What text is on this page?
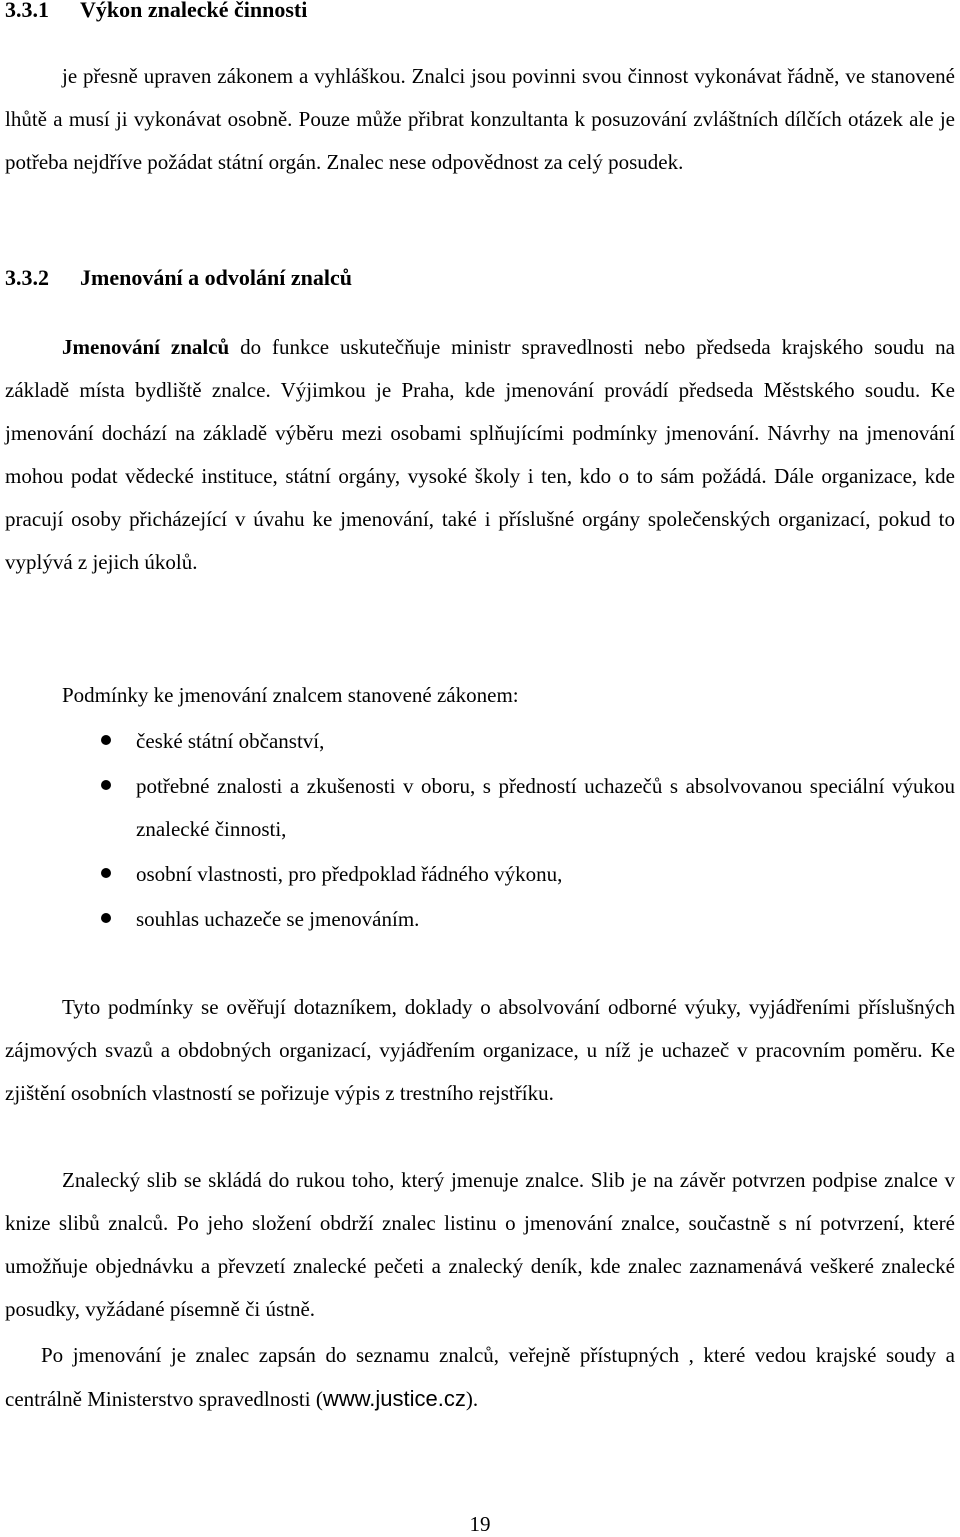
3.3.1 Výkon znalecké činnosti

je přesně upraven zákonem a vyhláškou. Znalci jsou povinni svou činnost vykonávat řádně, ve stanovené lhůtě a musí ji vykonávat osobně. Pouze může přibrat konzultanta k posuzování zvláštních dílčích otázek ale je potřeba nejdříve požádat státní orgán. Znalec nese odpovědnost za celý posudek.

3.3.2 Jmenování a odvolání znalců

Jmenování znalců do funkce uskutečňuje ministr spravedlnosti nebo předseda krajského soudu na základě místa bydliště znalce. Výjimkou je Praha, kde jmenování provádí předseda Městského soudu. Ke jmenování dochází na základě výběru mezi osobami splňujícími podmínky jmenování. Návrhy na jmenování mohou podat vědecké instituce, státní orgány, vysoké školy i ten, kdo o to sám požádá. Dále organizace, kde pracují osoby přicházející v úvahu ke jmenování, také i příslušné orgány společenských organizací, pokud to vyplývá z jejich úkolů.

Podmínky ke jmenování znalcem stanovené zákonem:

české státní občanství,
potřebné znalosti a zkušenosti v oboru, s předností uchazečů s absolvovanou speciální výukou znalecké činnosti,
osobní vlastnosti, pro předpoklad řádného výkonu,
souhlas uchazeče se jmenováním.

Tyto podmínky se ověřují dotazníkem, doklady o absolvování odborné výuky, vyjádřeními příslušných zájmových svazů a obdobných organizací, vyjádřením organizace, u níž je uchazeč v pracovním poměru. Ke zjištění osobních vlastností se pořizuje výpis z trestního rejstříku.

Znalecký slib se skládá do rukou toho, který jmenuje znalce. Slib je na závěr potvrzen podpise znalce v knize slibů znalců. Po jeho složení obdrží znalec listinu o jmenování znalce, součastně s ní potvrzení, které umožňuje objednávku a převzetí znalecké pečeti a znalecký deník, kde znalec zaznamenává veškeré znalecké posudky, vyžádané písemně či ústně.

Po jmenování je znalec zapsán do seznamu znalců, veřejně přístupných , které vedou krajské soudy a centrálně Ministerstvo spravedlnosti (www.justice.cz).

19
